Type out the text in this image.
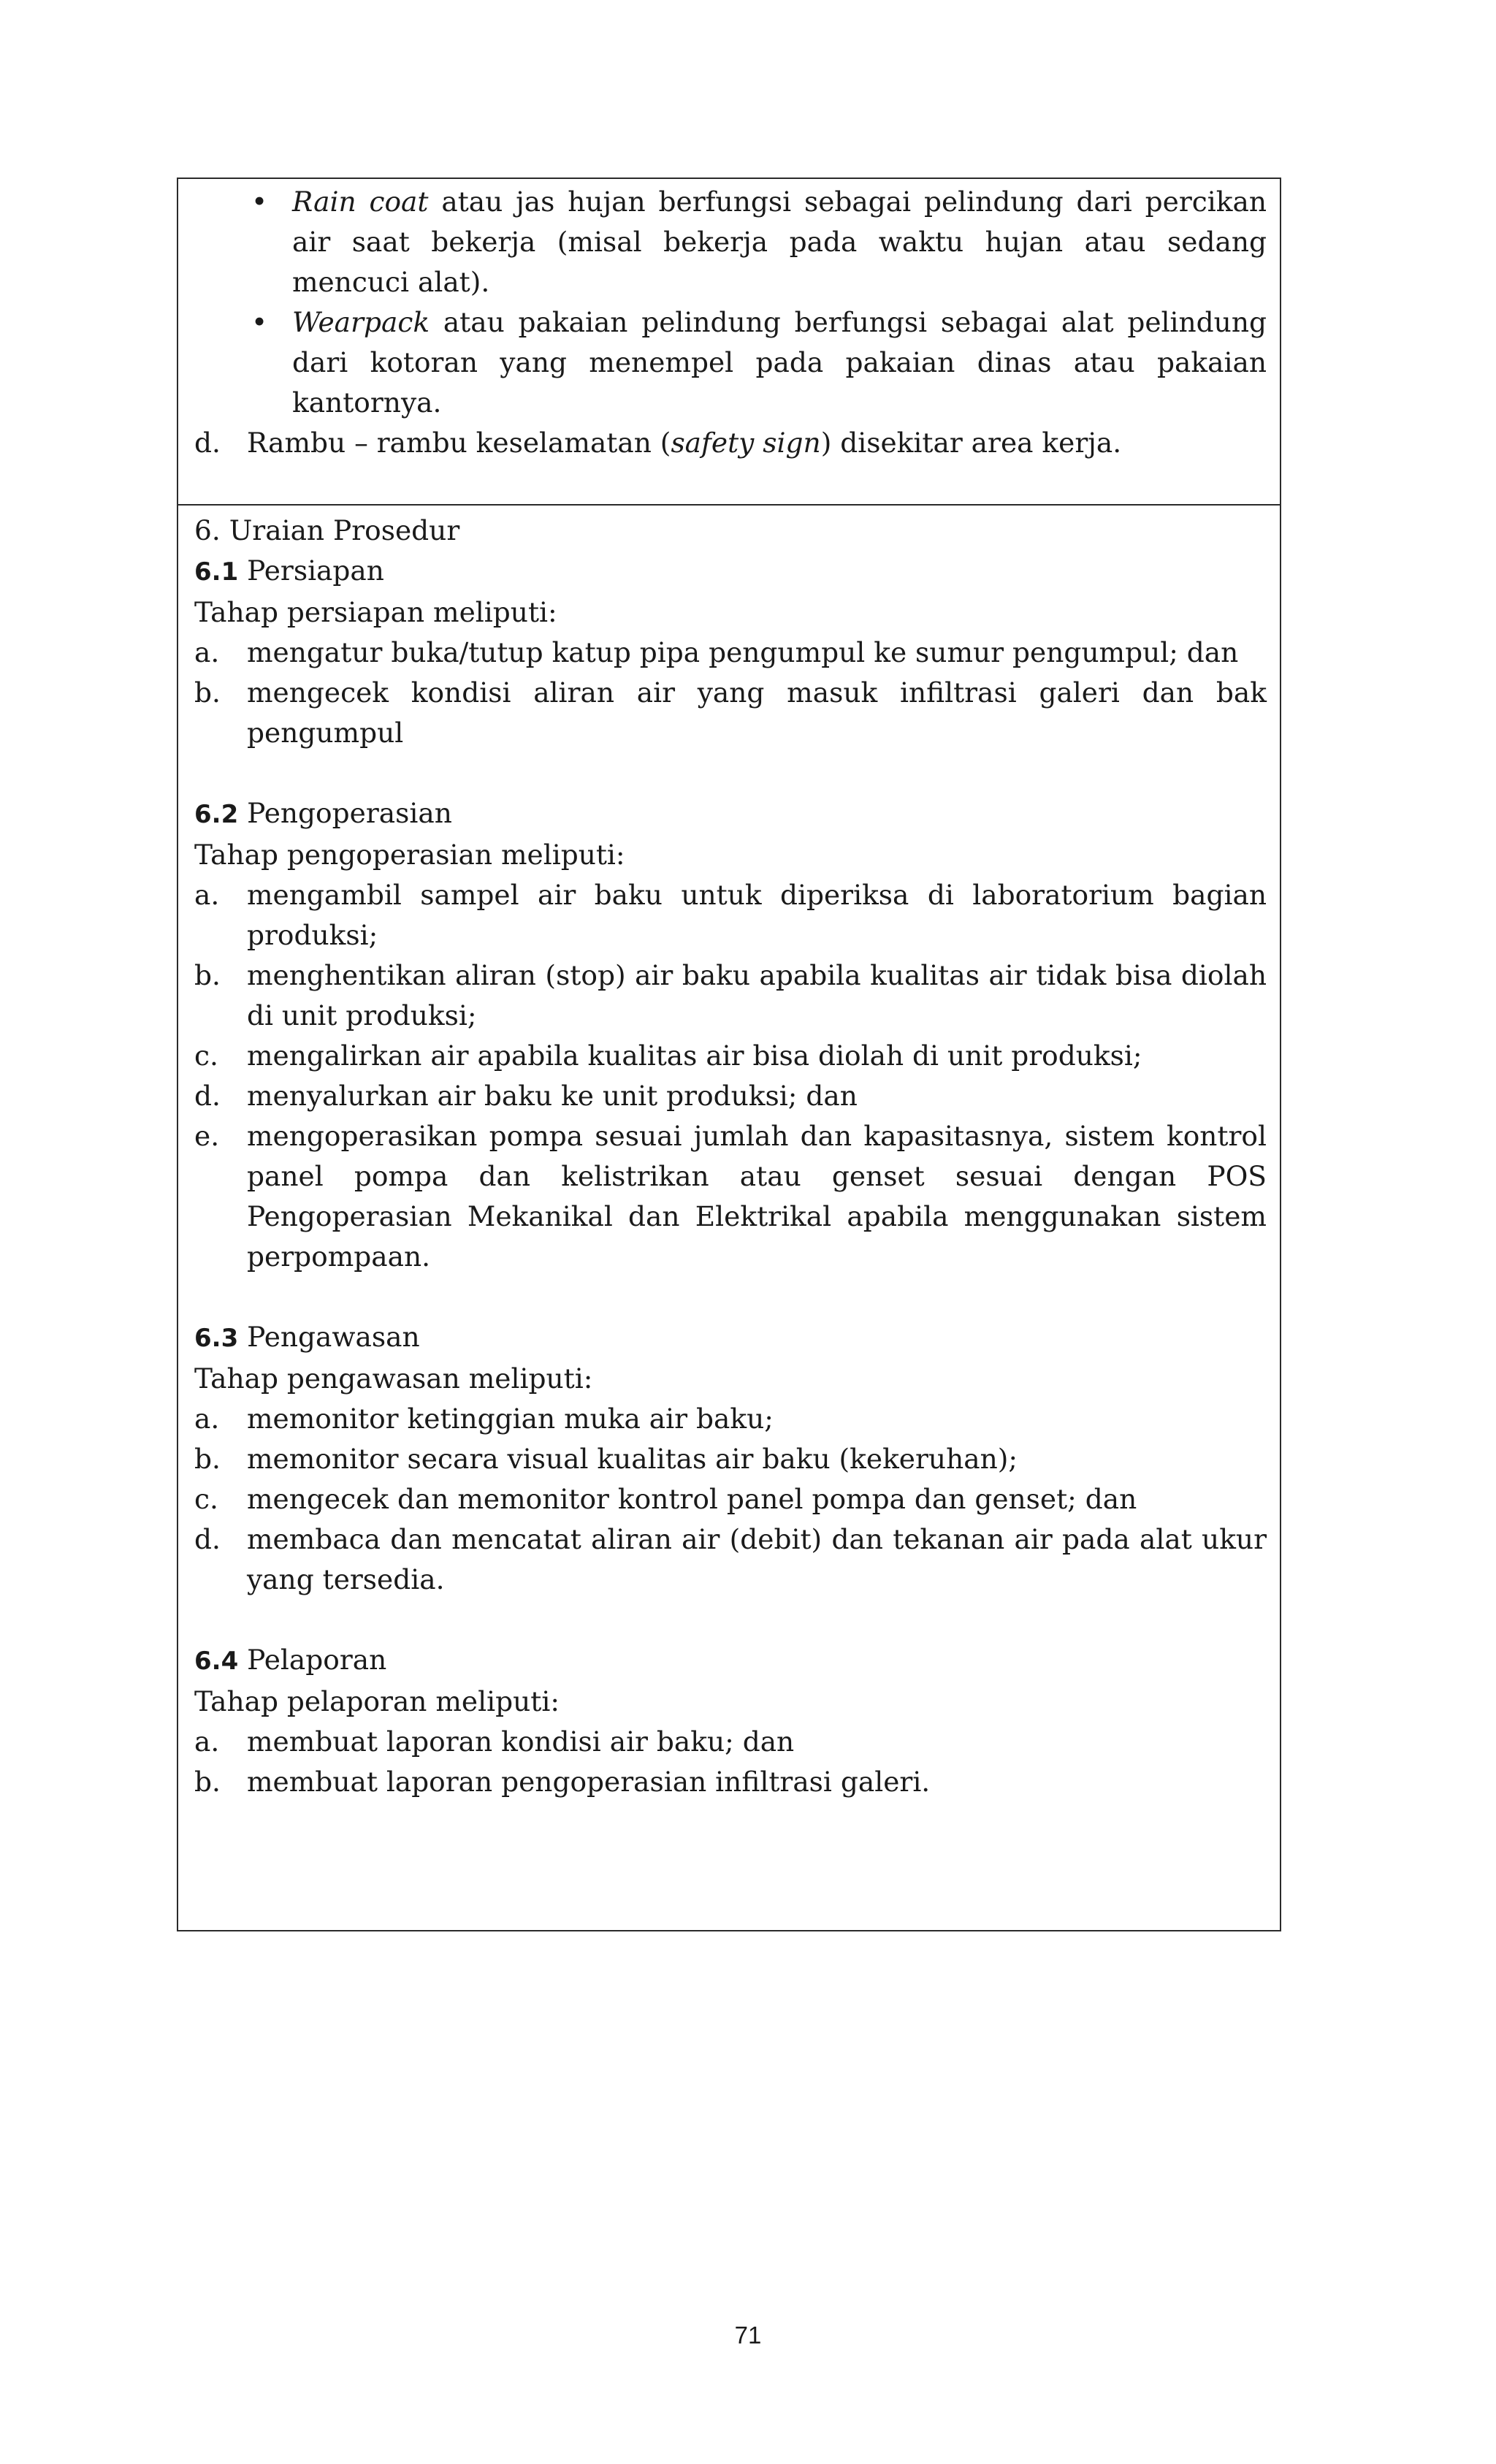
• Rain coat atau jas hujan berfungsi sebagai pelindung dari percikan air saat bekerja (misal bekerja pada waktu hujan atau sedang mencuci alat).
• Wearpack atau pakaian pelindung berfungsi sebagai alat pelindung dari kotoran yang menempel pada pakaian dinas atau pakaian kantornya.
d. Rambu – rambu keselamatan (safety sign) disekitar area kerja.
6. Uraian Prosedur
6.1 Persiapan
Tahap persiapan meliputi:
a. mengatur buka/tutup katup pipa pengumpul ke sumur pengumpul; dan
b. mengecek kondisi aliran air yang masuk infiltrasi galeri dan bak pengumpul
6.2 Pengoperasian
Tahap pengoperasian meliputi:
a. mengambil sampel air baku untuk diperiksa di laboratorium bagian produksi;
b. menghentikan aliran (stop) air baku apabila kualitas air tidak bisa diolah di unit produksi;
c. mengalirkan air apabila kualitas air bisa diolah di unit produksi;
d. menyalurkan air baku ke unit produksi; dan
e. mengoperasikan pompa sesuai jumlah dan kapasitasnya, sistem kontrol panel pompa dan kelistrikan atau genset sesuai dengan POS Pengoperasian Mekanikal dan Elektrikal apabila menggunakan sistem perpompaan.
6.3 Pengawasan
Tahap pengawasan meliputi:
a. memonitor ketinggian muka air baku;
b. memonitor secara visual kualitas air baku (kekeruhan);
c. mengecek dan memonitor kontrol panel pompa dan genset; dan
d. membaca dan mencatat aliran air (debit) dan tekanan air pada alat ukur yang tersedia.
6.4 Pelaporan
Tahap pelaporan meliputi:
a. membuat laporan kondisi air baku; dan
b. membuat laporan pengoperasian infiltrasi galeri.
71
